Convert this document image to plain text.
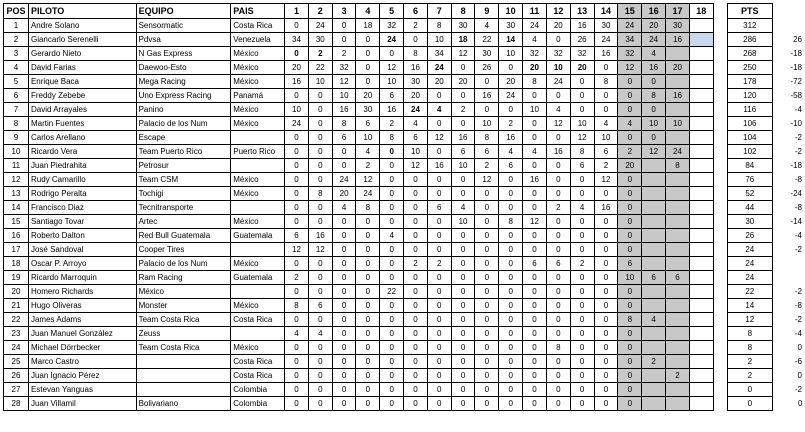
POS	PILOTO	EQUIPO	PAIS	1	2	3	4	5	6	7	8	9	10	11	12	13	14	15	16	17	18		PTS	
1	Andre Solano	Sensormatic	Costa Rica	0	24	0	18	32	2	8	30	4	30	24	20	16	30	24	20	30			312	
2	Giancarlo Serenelli	Pdvsa	Venezuela	34	30	0	0	24	0	10	18	22	14	4	0	26	24	34	24	16			286	26
3	Gerardo Nieto	N Gas Express	México	0	2	2	0	0	8	34	12	30	10	32	32	32	16	32	4				268	-18
4	David Farias	Daewoo-Esto	México	20	22	32	0	12	16	24	0	26	0	20	10	20	0	12	16	20			250	-18
5	Enrique Baca	Mega Racing	México	16	10	12	0	10	30	20	20	0	20	8	24	0	8	0	0				178	-72
6	Freddy Zebebe	Uno Express Racing	Panamá	0	0	10	20	6	20	0	0	16	24	0	0	0	0	0	8	16			120	-58
7	David Arrayales	Panino	México	10	0	16	30	16	24	4	2	0	0	10	4	0	0	0	0				116	-4
8	Martin Fuentes	Palacio de los Num	México	24	0	8	6	2	4	0	0	10	2	0	12	10	4	4	10	10			106	-10
9	Carlos Arellano	Escape		0	0	6	10	8	6	12	16	8	16	0	0	12	10	0	0				104	-2
10	Ricardo Vera	Team Puerto Rico	Puerto Rico	0	0	0	4	0	10	0	6	6	4	4	16	8	6	2	12	24			102	-2
11	Juan Piedrahita	Petrosur		0	0	0	2	0	12	16	10	2	6	0	0	6	2	20		8			84	-18
12	Rudy Camarillo	Team CSM	México	0	0	24	12	0	0	0	0	12	0	16	0	0	12	0					76	-8
13	Rodrigo Peralta	Tochigi	México	0	8	20	24	0	0	0	0	0	0	0	0	0	0	0					52	-24
14	Francisco Diaz	Tecnitransporte		0	0	4	8	0	0	6	4	0	0	0	2	4	16	0					44	-8
15	Santiago Tovar	Artec	México	0	0	0	0	0	0	0	10	0	8	12	0	0	0	0					30	-14
16	Roberto Dalton	Red Bull Guatemala	Guatemala	6	16	0	0	4	0	0	0	0	0	0	0	0	0	0					26	-4
17	José Sandoval	Cooper Tires		12	12	0	0	0	0	0	0	0	0	0	0	0	0	0					24	-2
18	Oscar P. Arroyo	Palacio de los Num	México	0	0	0	0	0	2	2	0	0	0	6	6	2	0	6					24	
19	Ricardo Marroquin	Ram Racing	Guatemala	2	0	0	0	0	0	0	0	0	0	0	0	0	0	10	6	6			24	
20	Homero Richards	México		0	0	0	0	22	0	0	0	0	0	0	0	0	0	0					22	-2
21	Hugo Oliveras	Monster	México	8	6	0	0	0	0	0	0	0	0	0	0	0	0	0					14	-8
22	James Adams	Team Costa Rica	Costa Rica	0	0	0	0	0	0	0	0	0	0	0	0	0	0	8	4				12	-2
23	Juan Manuel González	Zeuss		4	4	0	0	0	0	0	0	0	0	0	0	0	0	0					8	-4
24	Michael Dörrbecker	Team Costa Rica	México	0	0	0	0	0	0	0	0	0	0	0	8	0	0	0					8	0
25	Marco Castro		Costa Rica	0	0	0	0	0	0	0	0	0	0	0	0	0	0	0	2				2	-6
26	Juan Ignacio Pérez		Costa Rica	0	0	0	0	0	0	0	0	0	0	0	0	0	0	0		2			2	0
27	Estevan Yanguas		Colombia	0	0	0	0	0	0	0	0	0	0	0	0	0	0	0					0	-2
28	Juan Villamil	Bolivariano	Colombia	0	0	0	0	0	0	0	0	0	0	0	0	0	0	0					0	0
